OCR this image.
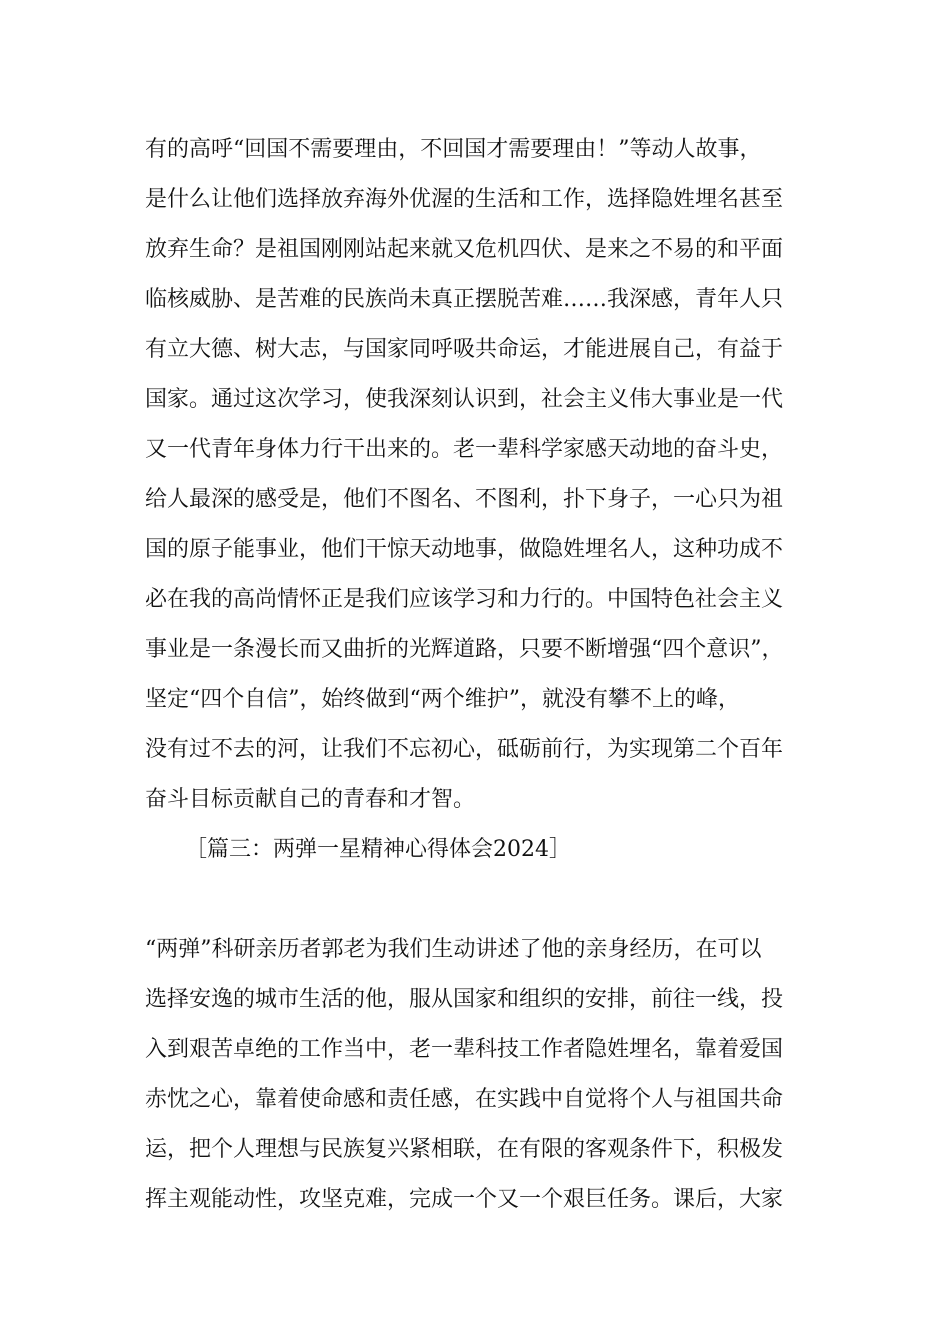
有的高呼“回国不需要理由，不回国才需要理由！”等动人故事，
是什么让他们选择放弃海外优渥的生活和工作，选择隐姓埋名甚至
放弃生命？是祖国刚刚站起来就又危机四伏、是来之不易的和平面
临核威胁、是苦难的民族尚未真正摆脱苦难……我深感，青年人只
有立大德、树大志，与国家同呼吸共命运，才能进展自己，有益于
国家。通过这次学习，使我深刻认识到，社会主义伟大事业是一代
又一代青年身体力行干出来的。老一辈科学家感天动地的奋斗史，
给人最深的感受是，他们不图名、不图利，扑下身子，一心只为祖
国的原子能事业，他们干惊天动地事，做隐姓埋名人，这种功成不
必在我的高尚情怀正是我们应该学习和力行的。中国特色社会主义
事业是一条漫长而又曲折的光辉道路，只要不断增强“四个意识”，
坚定“四个自信”，始终做到“两个维护”，就没有攀不上的峰，
没有过不去的河，让我们不忘初心，砥砺前行，为实现第二个百年
奋斗目标贡献自己的青春和才智。
［篇三：两弹一星精神心得体会2024］
“两弹”科研亲历者郭老为我们生动讲述了他的亲身经历，在可以
选择安逸的城市生活的他，服从国家和组织的安排，前往一线，投
入到艰苦卓绝的工作当中，老一辈科技工作者隐姓埋名，靠着爱国
赤忱之心，靠着使命感和责任感，在实践中自觉将个人与祖国共命
运，把个人理想与民族复兴紧相联，在有限的客观条件下，积极发
挥主观能动性，攻坚克难，完成一个又一个艰巨任务。课后，大家
